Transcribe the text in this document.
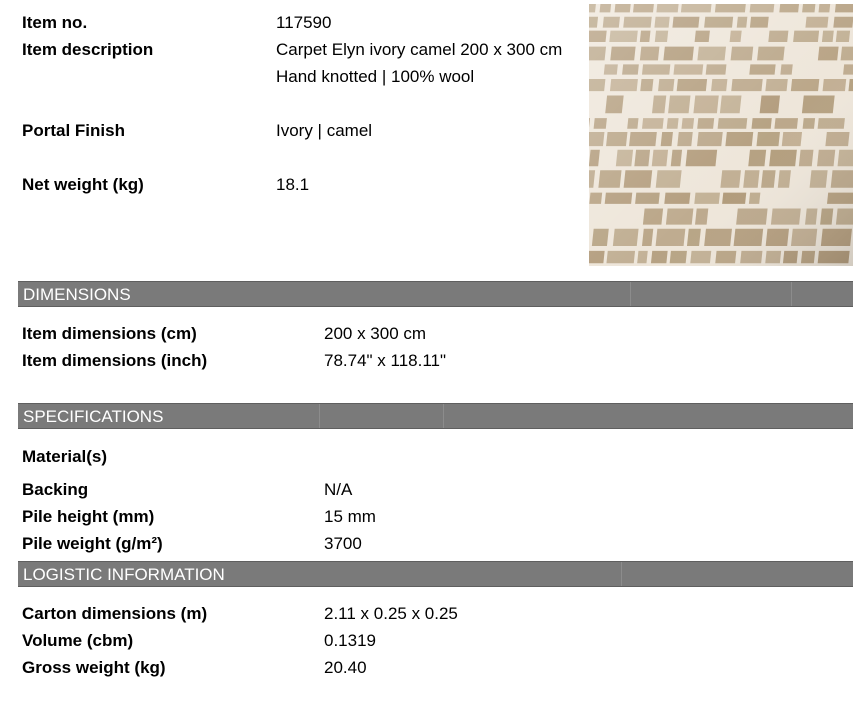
Item no.	117590
Item description	Carpet Elyn ivory camel 200 x 300 cm
Hand knotted | 100% wool
Portal Finish	Ivory | camel
Net weight (kg)	18.1
DIMENSIONS
Item dimensions (cm)	200 x 300 cm
Item dimensions (inch)	78.74" x 118.11"
SPECIFICATIONS
Material(s)
Backing	N/A
Pile height (mm)	15 mm
Pile weight (g/m²)	3700
LOGISTIC INFORMATION
Carton dimensions (m)	2.11 x 0.25 x 0.25
Volume (cbm)	0.1319
Gross weight (kg)	20.40
